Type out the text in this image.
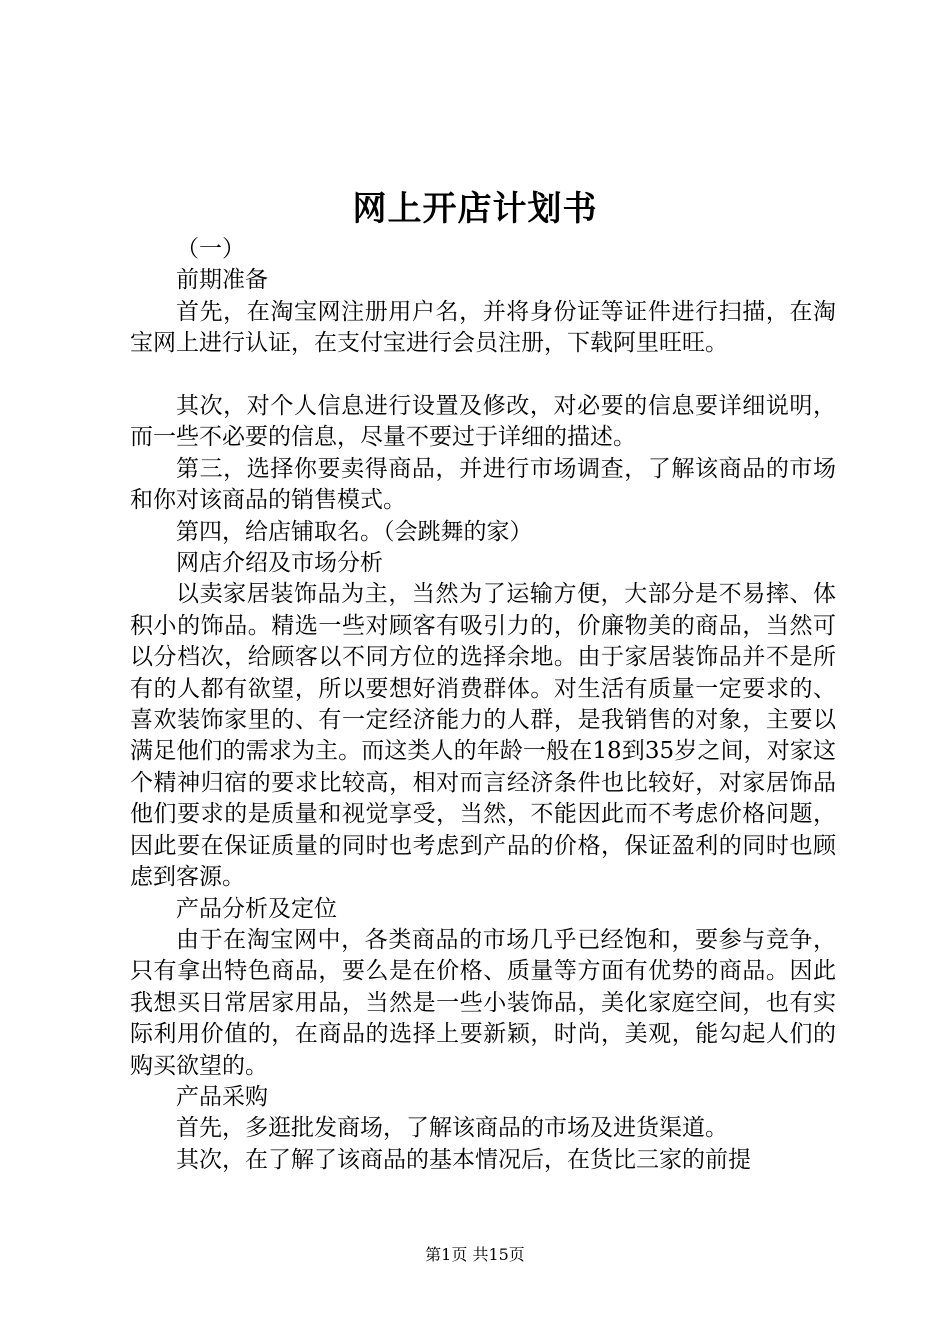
网上开店计划书

（一）

前期准备

首先，在淘宝网注册用户名，并将身份证等证件进行扫描，在淘宝网上进行认证，在支付宝进行会员注册，下载阿里旺旺。

其次，对个人信息进行设置及修改，对必要的信息要详细说明，而一些不必要的信息，尽量不要过于详细的描述。

第三，选择你要卖得商品，并进行市场调查，了解该商品的市场和你对该商品的销售模式。

第四，给店铺取名。（会跳舞的家）

网店介绍及市场分析

以卖家居装饰品为主，当然为了运输方便，大部分是不易摔、体积小的饰品。精选一些对顾客有吸引力的，价廉物美的商品，当然可以分档次，给顾客以不同方位的选择余地。由于家居装饰品并不是所有的人都有欲望，所以要想好消费群体。对生活有质量一定要求的、喜欢装饰家里的、有一定经济能力的人群，是我销售的对象，主要以满足他们的需求为主。而这类人的年龄一般在18到35岁之间，对家这个精神归宿的要求比较高，相对而言经济条件也比较好，对家居饰品他们要求的是质量和视觉享受，当然，不能因此而不考虑价格问题，因此要在保证质量的同时也考虑到产品的价格，保证盈利的同时也顾虑到客源。

产品分析及定位

由于在淘宝网中，各类商品的市场几乎已经饱和，要参与竞争，只有拿出特色商品，要么是在价格、质量等方面有优势的商品。因此我想买日常居家用品，当然是一些小装饰品，美化家庭空间，也有实际利用价值的，在商品的选择上要新颖，时尚，美观，能勾起人们的购买欲望的。

产品采购

首先，多逛批发商场，了解该商品的市场及进货渠道。

其次，在了解了该商品的基本情况后，在货比三家的前提

第1页 共15页
